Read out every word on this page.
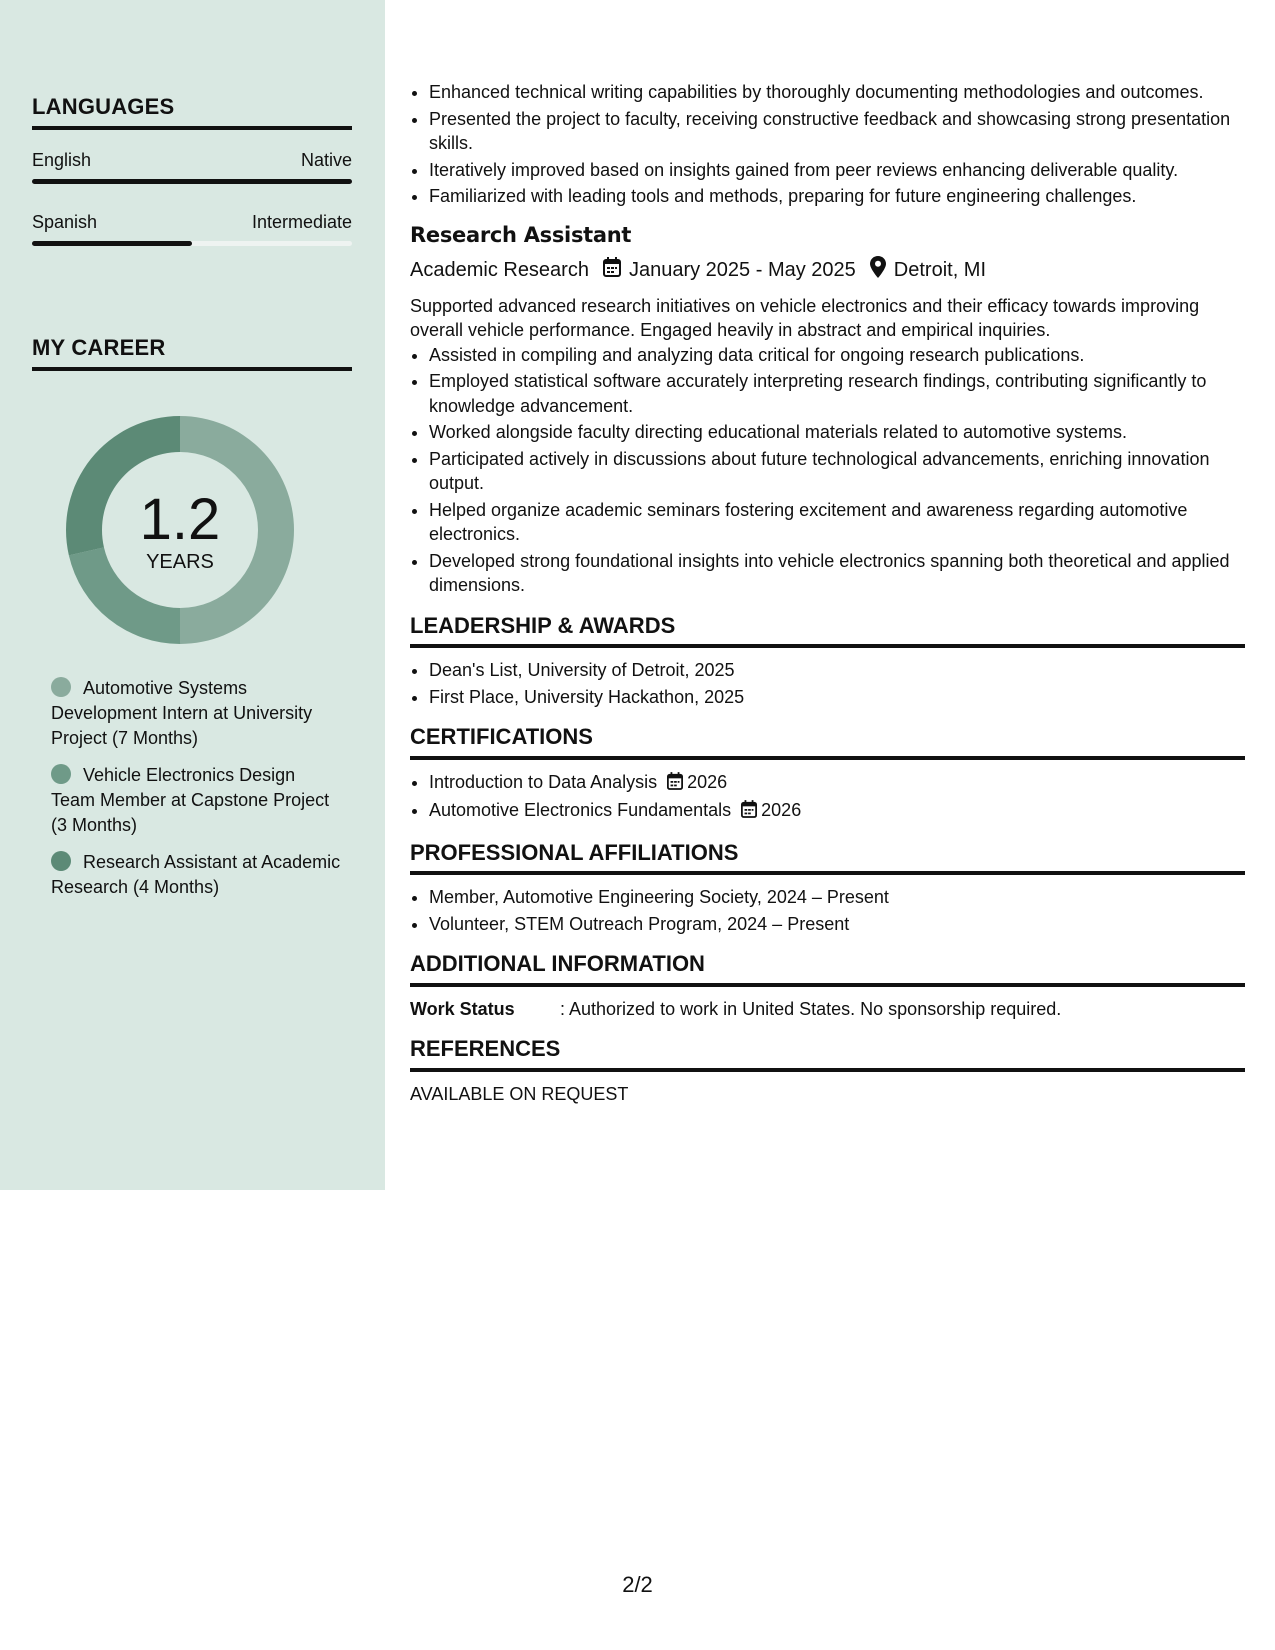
LANGUAGES
English	Native
Spanish	Intermediate
MY CAREER
1.2
YEARS
Automotive Systems Development Intern at University Project (7 Months)
Vehicle Electronics Design Team Member at Capstone Project (3 Months)
Research Assistant at Academic Research (4 Months)
• Enhanced technical writing capabilities by thoroughly documenting methodologies and outcomes.
• Presented the project to faculty, receiving constructive feedback and showcasing strong presentation skills.
• Iteratively improved based on insights gained from peer reviews enhancing deliverable quality.
• Familiarized with leading tools and methods, preparing for future engineering challenges.
Research Assistant
Academic Research January 2025 - May 2025 Detroit, MI
Supported advanced research initiatives on vehicle electronics and their efficacy towards improving overall vehicle performance. Engaged heavily in abstract and empirical inquiries.
• Assisted in compiling and analyzing data critical for ongoing research publications.
• Employed statistical software accurately interpreting research findings, contributing significantly to knowledge advancement.
• Worked alongside faculty directing educational materials related to automotive systems.
• Participated actively in discussions about future technological advancements, enriching innovation output.
• Helped organize academic seminars fostering excitement and awareness regarding automotive electronics.
• Developed strong foundational insights into vehicle electronics spanning both theoretical and applied dimensions.
LEADERSHIP & AWARDS
• Dean's List, University of Detroit, 2025
• First Place, University Hackathon, 2025
CERTIFICATIONS
• Introduction to Data Analysis 2026
• Automotive Electronics Fundamentals 2026
PROFESSIONAL AFFILIATIONS
• Member, Automotive Engineering Society, 2024 – Present
• Volunteer, STEM Outreach Program, 2024 – Present
ADDITIONAL INFORMATION
Work Status	: Authorized to work in United States. No sponsorship required.
REFERENCES
AVAILABLE ON REQUEST
2/2
